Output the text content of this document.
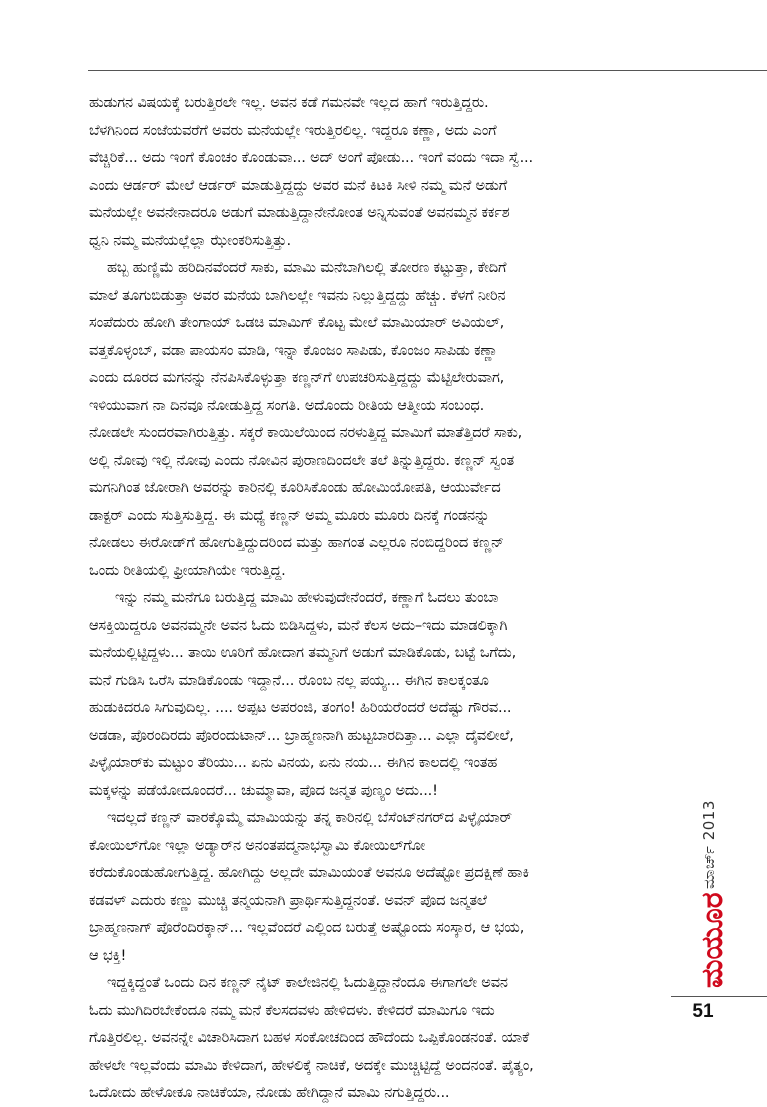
ಹುಡುಗನ ವಿಷಯಕ್ಕೆ ಬರುತ್ತಿರಲೇ ಇಲ್ಲ. ಅವನ ಕಡೆ ಗಮನವೇ ಇಲ್ಲದ ಹಾಗೆ ಇರುತ್ತಿದ್ದರು.
ಬೆಳಗಿನಿಂದ ಸಂಜೆಯವರೆಗೆ ಅವರು ಮನೆಯಲ್ಲೇ ಇರುತ್ತಿರಲಿಲ್ಲ. ಇದ್ದರೂ ಕಣ್ಣಾ, ಅದು ಎಂಗೆ
ವೆಚ್ಚಿರಿಕೆ... ಅದು ಇಂಗೆ ಕೊಂಚಂ ಕೊಂಡುವಾ... ಅದ್ ಅಂಗೆ ಪೋಡು... ಇಂಗೆ ವಂದು ಇದಾ ಸ್ವೆ...
ಎಂದು ಆರ್ಡರ್ ಮೇಲೆ ಆರ್ಡರ್ ಮಾಡುತ್ತಿದ್ದದ್ದು ಅವರ ಮನೆ ಕಿಟಕಿ ಸೀಳಿ ನಮ್ಮ ಮನೆ ಅಡುಗೆ
ಮನೆಯಲ್ಲೇ ಅವನೇನಾದರೂ ಅಡುಗೆ ಮಾಡುತ್ತಿದ್ದಾನೇನೋಂತ ಅನ್ನಿಸುವಂತೆ ಅವನಮ್ಮನ ಕರ್ಕಶ
ಧ್ವನಿ ನಮ್ಮ ಮನೆಯಲ್ಲೆಲ್ಲಾ ಝೇಂಕರಿಸುತ್ತಿತ್ತು.
ಹಬ್ಬ ಹುಣ್ಣಿಮೆ ಹರಿದಿನವೆಂದರೆ ಸಾಕು, ಮಾಮಿ ಮನೆಬಾಗಿಲಲ್ಲಿ ತೋರಣ ಕಟ್ಟುತ್ತಾ, ಕೇದಿಗೆ
ಮಾಲೆ ತೂಗುಬಿಡುತ್ತಾ ಅವರ ಮನೆಯ ಬಾಗಿಲಲ್ಲೇ ಇವನು ನಿಲ್ಲುತ್ತಿದ್ದದ್ದು ಹೆಚ್ಚು. ಕೆಳಗೆ ನೀರಿನ
ಸಂಪೆದುರು ಹೋಗಿ ತೇಂಗಾಯ್ ಒಡಚಿ ಮಾಮಿಗ್ ಕೊಟ್ಟ ಮೇಲೆ ಮಾಮಿಯಾರ್ ಅವಿಯಲ್,
ವತ್ತಕೊಳ್ಳಂಬ್, ವಡಾ ಪಾಯಸಂ ಮಾಡಿ, ಇನ್ನಾ ಕೊಂಜಂ ಸಾಪಿಡು, ಕೊಂಜಂ ಸಾಪಿಡು ಕಣ್ಣಾ
ಎಂದು ದೂರದ ಮಗನನ್ನು ನೆನಪಿಸಿಕೊಳ್ಳುತ್ತಾ ಕಣ್ಣನ್‌ಗೆ ಉಪಚರಿಸುತ್ತಿದ್ದದ್ದು ಮೆಟ್ಟಿಲೇರುವಾಗ,
ಇಳಿಯುವಾಗ ನಾ ದಿನವೂ ನೋಡುತ್ತಿದ್ದ ಸಂಗತಿ. ಅದೊಂದು ರೀತಿಯ ಆತ್ಮೀಯ ಸಂಬಂಧ.
ನೋಡಲೇ ಸುಂದರವಾಗಿರುತ್ತಿತ್ತು. ಸಕ್ಕರೆ ಕಾಯಿಲೆಯಿಂದ ನರಳುತ್ತಿದ್ದ ಮಾಮಿಗೆ ಮಾತೆತ್ತಿದರೆ ಸಾಕು,
ಅಲ್ಲಿ ನೋವು ಇಲ್ಲಿ ನೋವು ಎಂದು ನೋವಿನ ಪುರಾಣದಿಂದಲೇ ತಲೆ ತಿನ್ನುತ್ತಿದ್ದರು. ಕಣ್ಣನ್ ಸ್ವಂತ
ಮಗನಿಗಿಂತ ಜೋರಾಗಿ ಅವರನ್ನು ಕಾರಿನಲ್ಲಿ ಕೂರಿಸಿಕೊಂಡು ಹೋಮಿಯೋಪತಿ, ಆಯುರ್ವೇದ
ಡಾಕ್ಟರ್ ಎಂದು ಸುತ್ತಿಸುತ್ತಿದ್ದ. ಈ ಮಧ್ಯೆ ಕಣ್ಣನ್ ಅಮ್ಮ ಮೂರು ಮೂರು ದಿನಕ್ಕೆ ಗಂಡನನ್ನು
ನೋಡಲು ಈರೋಡ್‌ಗೆ ಹೋಗುತ್ತಿದ್ದುದರಿಂದ ಮತ್ತು ಹಾಗಂತ ಎಲ್ಲರೂ ನಂಬಿದ್ದರಿಂದ ಕಣ್ಣನ್
ಒಂದು ರೀತಿಯಲ್ಲಿ ಫ್ರೀಯಾಗಿಯೇ ಇರುತ್ತಿದ್ದ.
ಇನ್ನು ನಮ್ಮ ಮನೆಗೂ ಬರುತ್ತಿದ್ದ ಮಾಮಿ ಹೇಳುವುದೇನೆಂದರೆ, ಕಣ್ಣಾಗೆ ಓದಲು ತುಂಬಾ
ಆಸಕ್ತಿಯಿದ್ದರೂ ಅವನಮ್ಮನೇ ಅವನ ಓದು ಬಿಡಿಸಿದ್ದಳು, ಮನೆ ಕೆಲಸ ಅದು–ಇದು ಮಾಡಲಿಕ್ಕಾಗಿ
ಮನೆಯಲ್ಲಿಟ್ಟಿದ್ದಳು... ತಾಯಿ ಊರಿಗೆ ಹೋದಾಗ ತಮ್ಮನಿಗೆ ಅಡುಗೆ ಮಾಡಿಕೊಡು, ಬಟ್ಟೆ ಒಗೆದು,
ಮನೆ ಗುಡಿಸಿ ಒರೆಸಿ ಮಾಡಿಕೊಂಡು ಇದ್ದಾನೆ... ರೊಂಬ ನಲ್ಲ ಪಯ್ಯ... ಈಗಿನ ಕಾಲಕ್ಕಂತೂ
ಹುಡುಕಿದರೂ ಸಿಗುವುದಿಲ್ಲ. .... ಅಪ್ಪಟ ಅಪರಂಜಿ, ತಂಗಂ! ಹಿರಿಯರೆಂದರೆ ಅದೆಷ್ಟು ಗೌರವ...
ಅಡಡಾ, ಪೊರಂದಿರದು ಪೊರಂದುಟಾನ್... ಬ್ರಾಹ್ಮಣನಾಗಿ ಹುಟ್ಟಬಾರದಿತ್ತಾ... ಎಲ್ಲಾ ದೈವಲೀಲೆ,
ಪಿಳ್ಳೈಯಾರ್‌ಕು ಮಟ್ಟುಂ ತೆರಿಯು... ಏನು ವಿನಯ, ಏನು ನಯ... ಈಗಿನ ಕಾಲದಲ್ಲಿ ಇಂತಹ
ಮಕ್ಕಳನ್ನು ಪಡೆಯೋದೂಂದರೆ... ಚುಮ್ಮಾವಾ, ಪೊದ ಜನ್ಮತ ಪುಣ್ಯಂ ಅದು...!
ಇದಲ್ಲದೆ ಕಣ್ಣನ್ ವಾರಕ್ಕೊಮ್ಮೆ ಮಾಮಿಯನ್ನು ತನ್ನ ಕಾರಿನಲ್ಲಿ ಬೆಸೆಂಟ್‌ನಗರ್‌ದ ಪಿಳ್ಳೈಯಾರ್
ಕೋಯಿಲ್‌ಗೋ ಇಲ್ಲಾ ಅಡ್ಯಾರ್‌ನ ಅನಂತಪದ್ಮನಾಭಸ್ವಾಮಿ ಕೋಯಿಲ್‌ಗೋ
ಕರೆದುಕೊಂಡುಹೋಗುತ್ತಿದ್ದ. ಹೋಗಿದ್ದು ಅಲ್ಲದೇ ಮಾಮಿಯಂತೆ ಅವನೂ ಅದೆಷ್ಟೋ ಪ್ರದಕ್ಷಿಣೆ ಹಾಕಿ
ಕಡವಳ್ ಎದುರು ಕಣ್ಣು ಮುಚ್ಚಿ ತನ್ಮಯನಾಗಿ ಪ್ರಾರ್ಥಿಸುತ್ತಿದ್ದನಂತೆ. ಅವನ್ ಪೊದ ಜನ್ಮತಲೆ
ಬ್ರಾಹ್ಮಣನಾಗ್ ಪೊರೆಂದಿರಕ್ಕಾನ್... ಇಲ್ಲವೆಂದರೆ ಎಲ್ಲಿಂದ ಬರುತ್ತೆ ಅಷ್ಟೊಂದು ಸಂಸ್ಕಾರ, ಆ ಭಯ,
ಆ ಭಕ್ತಿ!
ಇದ್ದಕ್ಕಿದ್ದಂತೆ ಒಂದು ದಿನ ಕಣ್ಣನ್ ನೈಟ್ ಕಾಲೇಜಿನಲ್ಲಿ ಓದುತ್ತಿದ್ದಾನೆಂದೂ ಈಗಾಗಲೇ ಅವನ
ಓದು ಮುಗಿದಿರಬೇಕೆಂದೂ ನಮ್ಮ ಮನೆ ಕೆಲಸದವಳು ಹೇಳಿದಳು. ಕೇಳಿದರೆ ಮಾಮಿಗೂ ಇದು
ಗೊತ್ತಿರಲಿಲ್ಲ. ಅವನನ್ನೇ ವಿಚಾರಿಸಿದಾಗ ಬಹಳ ಸಂಕೋಚದಿಂದ ಹೌದೆಂದು ಒಪ್ಪಿಕೊಂಡನಂತೆ. ಯಾಕೆ
ಹೇಳಲೇ ಇಲ್ಲವೆಂದು ಮಾಮಿ ಕೇಳಿದಾಗ, ಹೇಳಲಿಕ್ಕೆ ನಾಚಿಕೆ, ಅದಕ್ಕೇ ಮುಚ್ಚಿಟ್ಟಿದ್ದೆ ಅಂದನಂತೆ. ಪೈತ್ಯಂ,
ಒದೋದು ಹೇಳೋಕೂ ನಾಚಿಕೆಯಾ, ನೋಡು ಹೇಗಿದ್ದಾನೆ ಮಾಮಿ ನಗುತ್ತಿದ್ದರು...
ಮಾರ್ಚ್ 2013
ಮಯೂರ
51
